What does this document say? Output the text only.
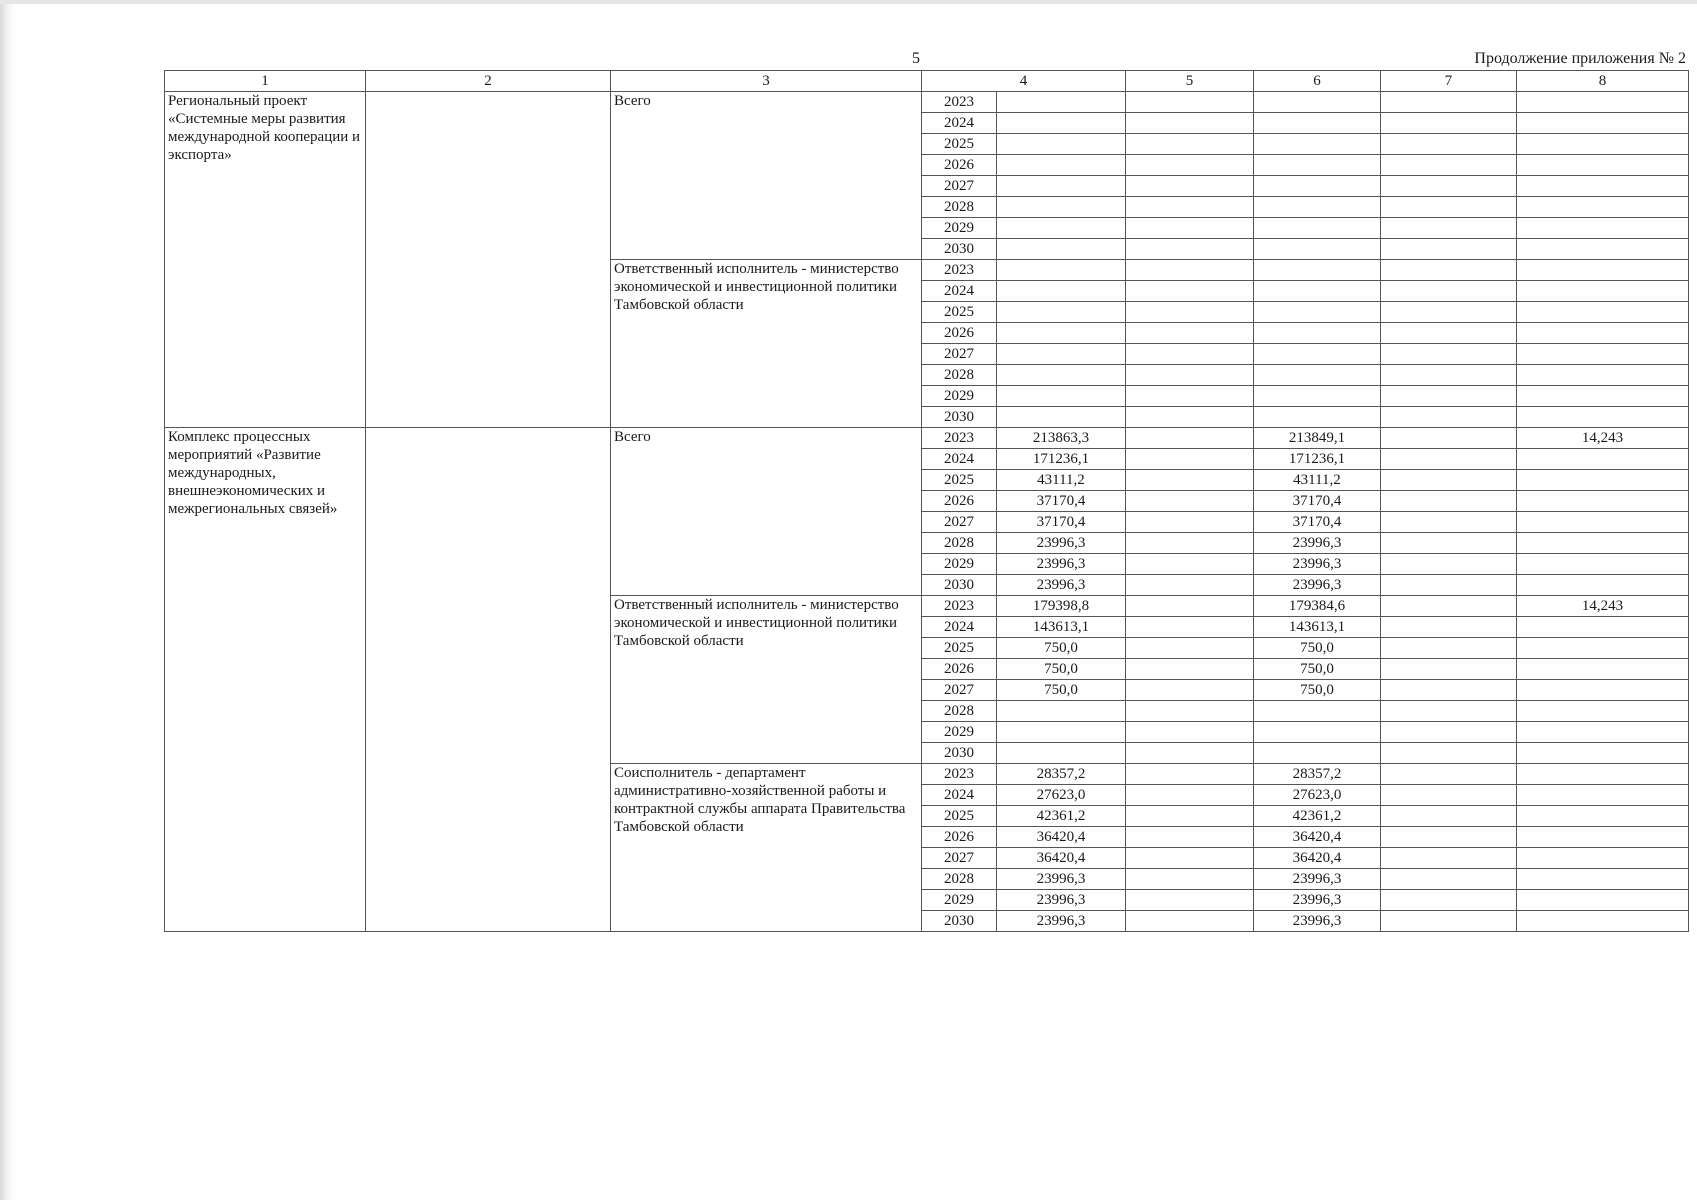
5	Продолжение приложения № 2
1	2	3	4		5	6	7	8
Региональный проект «Системные меры развития международной кооперации и экспорта»		Всего	2023					
			2024					
			2025					
			2026					
			2027					
			2028					
			2029					
			2030					
		Ответственный исполнитель - министерство экономической и инвестиционной политики Тамбовской области	2023					
			2024					
			2025					
			2026					
			2027					
			2028					
			2029					
			2030					
Комплекс процессных мероприятий «Развитие международных, внешнеэкономических и межрегиональных связей»		Всего	2023	213863,3		213849,1		14,243
			2024	171236,1		171236,1		
			2025	43111,2		43111,2		
			2026	37170,4		37170,4		
			2027	37170,4		37170,4		
			2028	23996,3		23996,3		
			2029	23996,3		23996,3		
			2030	23996,3		23996,3		
		Ответственный исполнитель - министерство экономической и инвестиционной политики Тамбовской области	2023	179398,8		179384,6		14,243
			2024	143613,1		143613,1		
			2025	750,0		750,0		
			2026	750,0		750,0		
			2027	750,0		750,0		
			2028					
			2029					
			2030					
		Соисполнитель - департамент административно-хозяйственной работы и контрактной службы аппарата Правительства Тамбовской области	2023	28357,2		28357,2		
			2024	27623,0		27623,0		
			2025	42361,2		42361,2		
			2026	36420,4		36420,4		
			2027	36420,4		36420,4		
			2028	23996,3		23996,3		
			2029	23996,3		23996,3		
			2030	23996,3		23996,3		
